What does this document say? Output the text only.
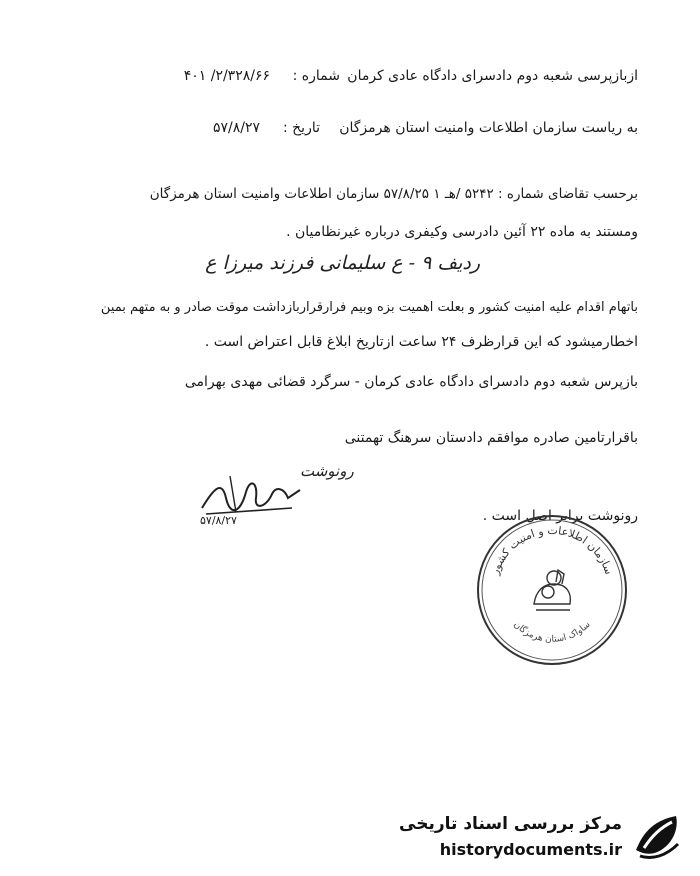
ازبازپرسی شعبه دوم دادسرای دادگاه عادی کرمان
شماره :
۲/۳۲۸/۶۶/ ۴۰۱
به ریاست سازمان اطلاعات وامنیت استان هرمزگان
تاریخ :
۵۷/۸/۲۷
برحسب تقاضای شماره : ۵۲۴۲ /هـ ۱ ۵۷/۸/۲۵ سازمان اطلاعات وامنیت استان هرمزگان
ومستند به ماده ۲۲ آئین دادرسی وکیفری درباره غیرنظامیان .
ردیف ۹ - ع سلیمانی فرزند میرزا ع
باتهام اقدام علیه امنیت کشور و بعلت اهمیت بزه وبیم فرارقراربازداشت موقت صادر و به متهم بمین
اخطارمیشود که این قرارظرف ۲۴ ساعت ازتاریخ ابلاغ قابل اعتراض است .
بازپرس شعبه دوم دادسرای دادگاه عادی کرمان - سرگرد قضائی مهدی بهرامی
باقرارتامین صادره موافقم دادستان سرهنگ تهمتنی
رونوشت برابر اصل است .
رونوشت
۵۷/۸/۲۷
سازمان اطلاعات و امنیت کشور
ساواک استان هرمزگان
مرکز بررسی اسناد تاریخی
historydocuments.ir
